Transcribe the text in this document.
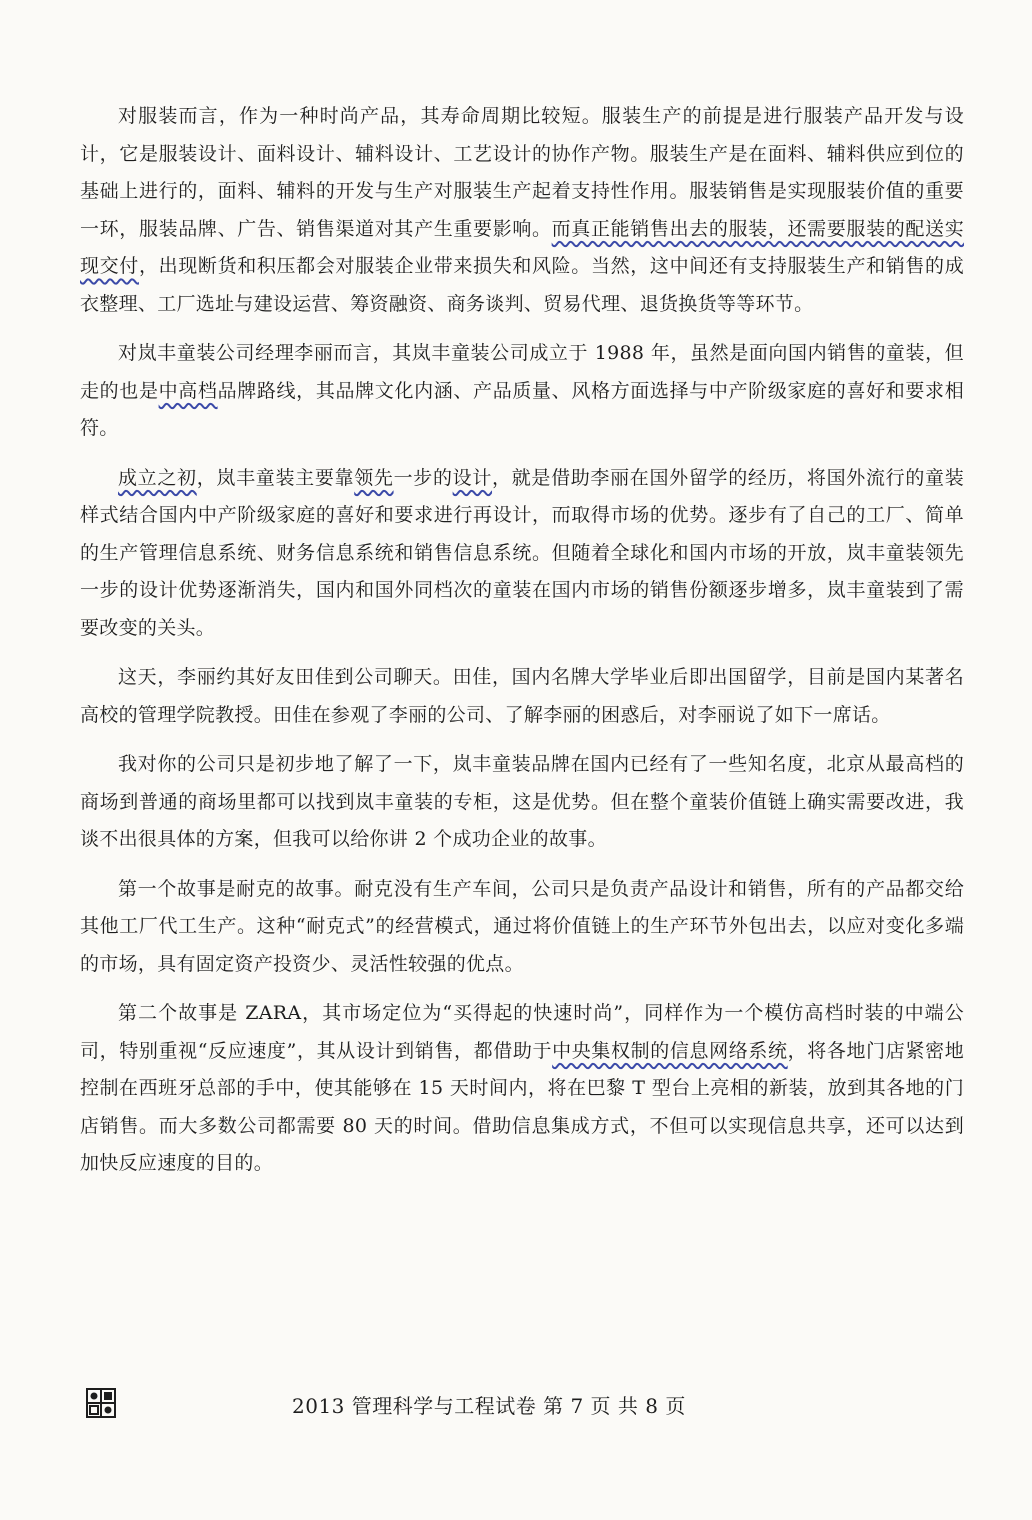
对服装而言，作为一种时尚产品，其寿命周期比较短。服装生产的前提是进行服装产品开发与设计，它是服装设计、面料设计、辅料设计、工艺设计的协作产物。服装生产是在面料、辅料供应到位的基础上进行的，面料、辅料的开发与生产对服装生产起着支持性作用。服装销售是实现服装价值的重要一环，服装品牌、广告、销售渠道对其产生重要影响。而真正能销售出去的服装，还需要服装的配送实现交付，出现断货和积压都会对服装企业带来损失和风险。当然，这中间还有支持服装生产和销售的成衣整理、工厂选址与建设运营、筹资融资、商务谈判、贸易代理、退货换货等等环节。

对岚丰童装公司经理李丽而言，其岚丰童装公司成立于 1988 年，虽然是面向国内销售的童装，但走的也是中高档品牌路线，其品牌文化内涵、产品质量、风格方面选择与中产阶级家庭的喜好和要求相符。

成立之初，岚丰童装主要靠领先一步的设计，就是借助李丽在国外留学的经历，将国外流行的童装样式结合国内中产阶级家庭的喜好和要求进行再设计，而取得市场的优势。逐步有了自己的工厂、简单的生产管理信息系统、财务信息系统和销售信息系统。但随着全球化和国内市场的开放，岚丰童装领先一步的设计优势逐渐消失，国内和国外同档次的童装在国内市场的销售份额逐步增多，岚丰童装到了需要改变的关头。

这天，李丽约其好友田佳到公司聊天。田佳，国内名牌大学毕业后即出国留学，目前是国内某著名高校的管理学院教授。田佳在参观了李丽的公司、了解李丽的困惑后，对李丽说了如下一席话。

我对你的公司只是初步地了解了一下，岚丰童装品牌在国内已经有了一些知名度，北京从最高档的商场到普通的商场里都可以找到岚丰童装的专柜，这是优势。但在整个童装价值链上确实需要改进，我谈不出很具体的方案，但我可以给你讲 2 个成功企业的故事。

第一个故事是耐克的故事。耐克没有生产车间，公司只是负责产品设计和销售，所有的产品都交给其他工厂代工生产。这种“耐克式”的经营模式，通过将价值链上的生产环节外包出去，以应对变化多端的市场，具有固定资产投资少、灵活性较强的优点。

第二个故事是 ZARA，其市场定位为“买得起的快速时尚”，同样作为一个模仿高档时装的中端公司，特别重视“反应速度”，其从设计到销售，都借助于中央集权制的信息网络系统，将各地门店紧密地控制在西班牙总部的手中，使其能够在 15 天时间内，将在巴黎 T 型台上亮相的新装，放到其各地的门店销售。而大多数公司都需要 80 天的时间。借助信息集成方式，不但可以实现信息共享，还可以达到加快反应速度的目的。

2013 管理科学与工程试卷 第 7 页 共 8 页
